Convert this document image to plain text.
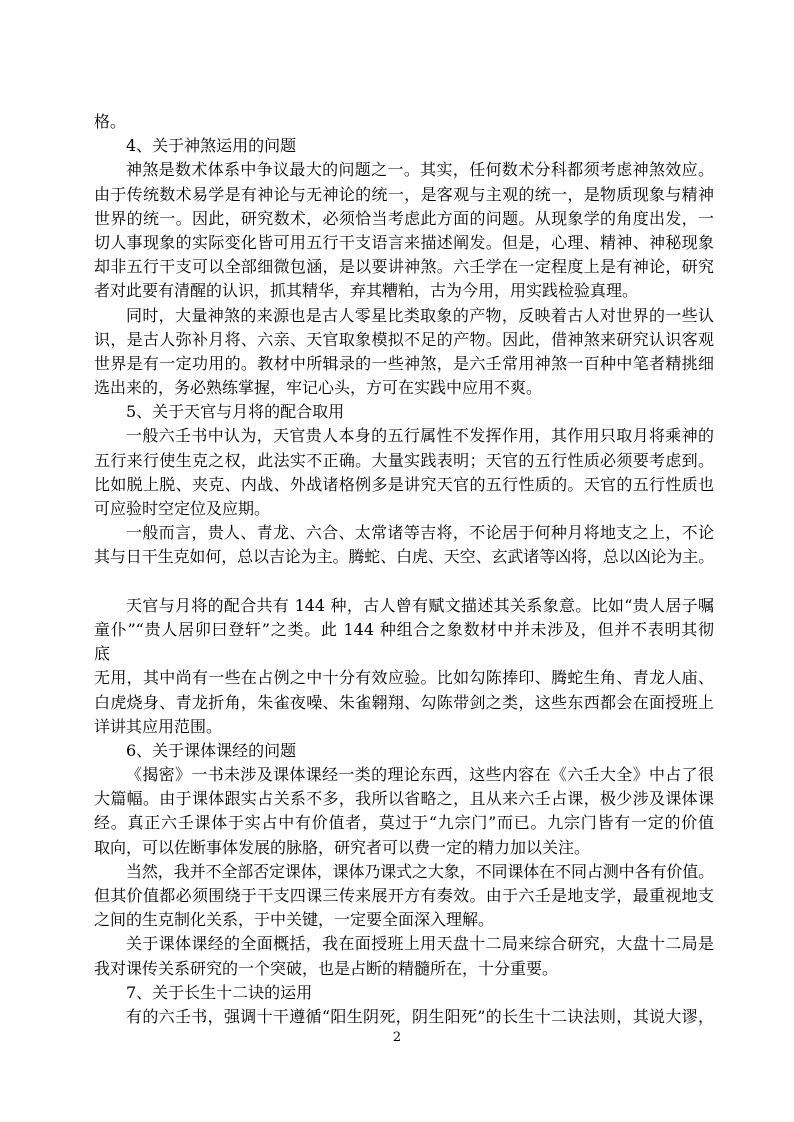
格。
4、关于神煞运用的问题
神煞是数术体系中争议最大的问题之一。其实，任何数术分科都须考虑神煞效应。
由于传统数术易学是有神论与无神论的统一，是客观与主观的统一，是物质现象与精神
世界的统一。因此，研究数术，必须恰当考虑此方面的问题。从现象学的角度出发，一
切人事现象的实际变化皆可用五行干支语言来描述阐发。但是，心理、精神、神秘现象
却非五行干支可以全部细微包涵，是以要讲神煞。六壬学在一定程度上是有神论，研究
者对此要有清醒的认识，抓其精华，弃其糟粕，古为今用，用实践检验真理。
同时，大量神煞的来源也是古人零星比类取象的产物，反映着古人对世界的一些认
识，是古人弥补月将、六亲、天官取象模拟不足的产物。因此，借神煞来研究认识客观
世界是有一定功用的。教材中所辑录的一些神煞，是六壬常用神煞一百种中笔者精挑细
选出来的，务必熟练掌握，牢记心头，方可在实践中应用不爽。
5、关于天官与月将的配合取用
一般六壬书中认为，天官贵人本身的五行属性不发挥作用，其作用只取月将乘神的
五行来行使生克之权，此法实不正确。大量实践表明；天官的五行性质必须要考虑到。
比如脱上脱、夹克、内战、外战诸格例多是讲究天官的五行性质的。天官的五行性质也
可应验时空定位及应期。
一般而言，贵人、青龙、六合、太常诸等吉将，不论居于何种月将地支之上，不论
其与日干生克如何，总以吉论为主。腾蛇、白虎、天空、玄武诸等凶将，总以凶论为主。
天官与月将的配合共有 144 种，古人曾有赋文描述其关系象意。比如“贵人居子嘱
童仆”“贵人居卯曰登轩”之类。此 144 种组合之象数材中并未涉及，但并不表明其彻
底
无用，其中尚有一些在占例之中十分有效应验。比如勾陈捧印、腾蛇生角、青龙人庙、
白虎烧身、青龙折角，朱雀夜噪、朱雀翱翔、勾陈带剑之类，这些东西都会在面授班上
详讲其应用范围。
6、关于课体课经的问题
《揭密》一书未涉及课体课经一类的理论东西，这些内容在《六壬大全》中占了很
大篇幅。由于课体跟实占关系不多，我所以省略之，且从来六壬占课，极少涉及课体课
经。真正六壬课体于实占中有价值者，莫过于“九宗门”而已。九宗门皆有一定的价值
取向，可以佐断事体发展的脉胳，研究者可以费一定的精力加以关注。
当然，我并不全部否定课体，课体乃课式之大象，不同课体在不同占测中各有价值。
但其价值都必须围绕于干支四课三传来展开方有奏效。由于六壬是地支学，最重视地支
之间的生克制化关系，于中关键，一定要全面深入理解。
关于课体课经的全面概括，我在面授班上用天盘十二局来综合研究，大盘十二局是
我对课传关系研究的一个突破，也是占断的精髓所在，十分重要。
7、关于长生十二诀的运用
有的六壬书，强调十干遵循“阳生阴死，阴生阳死”的长生十二诀法则，其说大谬，
2
